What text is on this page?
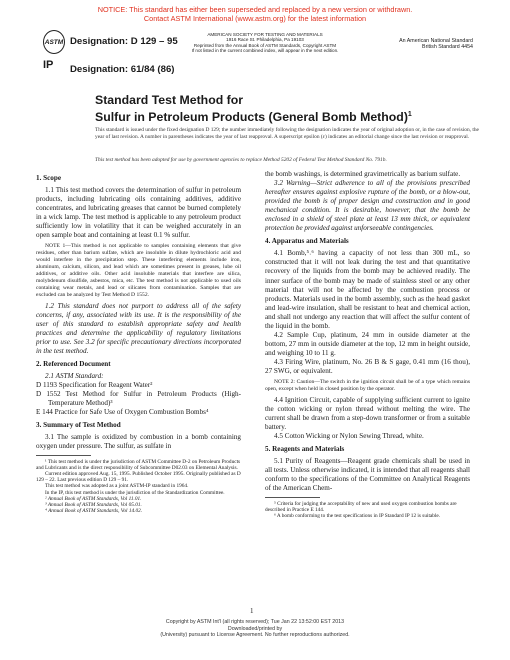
NOTICE: This standard has either been superseded and replaced by a new version or withdrawn.
Contact ASTM International (www.astm.org) for the latest information
ASTM Designation: D 129 – 95
IP Designation: 61/84 (86)
AMERICAN SOCIETY FOR TESTING AND MATERIALS
1916 Race St. Philadelphia, Pa 19103
Reprinted from the Annual Book of ASTM Standards, Copyright ASTM
If not listed in the current combined index, will appear in the next edition.
An American National Standard
British Standard 4454
Standard Test Method for
Sulfur in Petroleum Products (General Bomb Method)$^1$
This standard is issued under the fixed designation D 129; the number immediately following the designation indicates the year of original adoption or, in the case of revision, the year of last revision. A number in parentheses indicates the year of last reapproval. A superscript epsilon (ε) indicates an editorial change since the last revision or reapproval.
This test method has been adopted for use by government agencies to replace Method 5202 of Federal Test Method Standard No. 791b.

1. Scope

1.1 This test method covers the determination of sulfur in petroleum products, including lubricating oils containing additives, additive concentrates, and lubricating greases that cannot be burned completely in a wick lamp. The test method is applicable to any petroleum product sufficiently low in volatility that it can be weighed accurately in an open sample boat and containing at least 0.1 % sulfur.

NOTE 1—This method is not applicable to samples containing elements that give residues, other than barium sulfate, which are insoluble in dilute hydrochloric acid and would interfere in the precipitation step. These interfering elements include iron, aluminum, calcium, silicon, and lead which are sometimes present in greases, lube oil additives, or additive oils. Other acid insoluble materials that interfere are silica, molybdenum disulfide, asbestos, mica, etc. The test method is not applicable to used oils containing wear metals, and lead or silicates from contamination. Samples that are excluded can be analyzed by Test Method D 1552.

1.2 This standard does not purport to address all of the safety concerns, if any, associated with its use. It is the responsibility of the user of this standard to establish appropriate safety and health practices and determine the applicability of regulatory limitations prior to use. See 3.2 for specific precautionary directions incorporated in the test method.

2. Referenced Document

2.1 ASTM Standard:

D 1193 Specification for Reagent Water²

D 1552 Test Method for Sulfur in Petroleum Products (High-Temperature Method)³

E 144 Practice for Safe Use of Oxygen Combustion Bombs⁴

3. Summary of Test Method

3.1 The sample is oxidized by combustion in a bomb containing oxygen under pressure. The sulfur, as sulfate in

¹ This test method is under the jurisdiction of ASTM Committee D-2 on Petroleum Products and Lubricants and is the direct responsibility of Subcommittee D02.03 on Elemental Analysis.

Current edition approved Aug. 15, 1995. Published October 1995. Originally published as D 129 – 22. Last previous edition D 129 – 91.

This test method was adopted as a joint ASTM-IP standard in 1964.

In the IP, this test method is under the jurisdiction of the Standardization Committee.

² Annual Book of ASTM Standards, Vol 11.01.

³ Annual Book of ASTM Standards, Vol 05.01.

⁴ Annual Book of ASTM Standards, Vol 14.02.

the bomb washings, is determined gravimetrically as barium sulfate.

3.2 Warning—Strict adherence to all of the provisions prescribed hereafter ensures against explosive rupture of the bomb, or a blow-out, provided the bomb is of proper design and construction and in good mechanical condition. It is desirable, however, that the bomb be enclosed in a shield of steel plate at least 13 mm thick, or equivalent protection be provided against unforseeable contingencies.

4. Apparatus and Materials

4.1 Bomb,⁵˒⁶ having a capacity of not less than 300 mL, so constructed that it will not leak during the test and that quantitative recovery of the liquids from the bomb may be achieved readily. The inner surface of the bomb may be made of stainless steel or any other material that will not be affected by the combustion process or products. Materials used in the bomb assembly, such as the head gasket and lead-wire insulation, shall be resistant to heat and chemical action, and shall not undergo any reaction that will affect the sulfur content of the liquid in the bomb.

4.2 Sample Cup, platinum, 24 mm in outside diameter at the bottom, 27 mm in outside diameter at the top, 12 mm in height outside, and weighing 10 to 11 g.

4.3 Firing Wire, platinum, No. 26 B & S gage, 0.41 mm (16 thou), 27 SWG, or equivalent.

NOTE 2: Caution—The switch in the ignition circuit shall be of a type which remains open, except when held in closed position by the operator.

4.4 Ignition Circuit, capable of supplying sufficient current to ignite the cotton wicking or nylon thread without melting the wire. The current shall be drawn from a step-down transformer or from a suitable battery.

4.5 Cotton Wicking or Nylon Sewing Thread, white.

5. Reagents and Materials

5.1 Purity of Reagents—Reagent grade chemicals shall be used in all tests. Unless otherwise indicated, it is intended that all reagents shall conform to the specifications of the Committee on Analytical Reagents of the American Chem-

⁵ Criteria for judging the acceptability of new and used oxygen combustion bombs are described in Practice E 144.

⁶ A bomb conforming to the test specifications in IP Standard IP 12 is suitable.

1
Copyright by ASTM Int'l (all rights reserved); Tue Jan 22 13:52:00 EST 2013
Downloaded/printed by
(University) pursuant to License Agreement. No further reproductions authorized.
